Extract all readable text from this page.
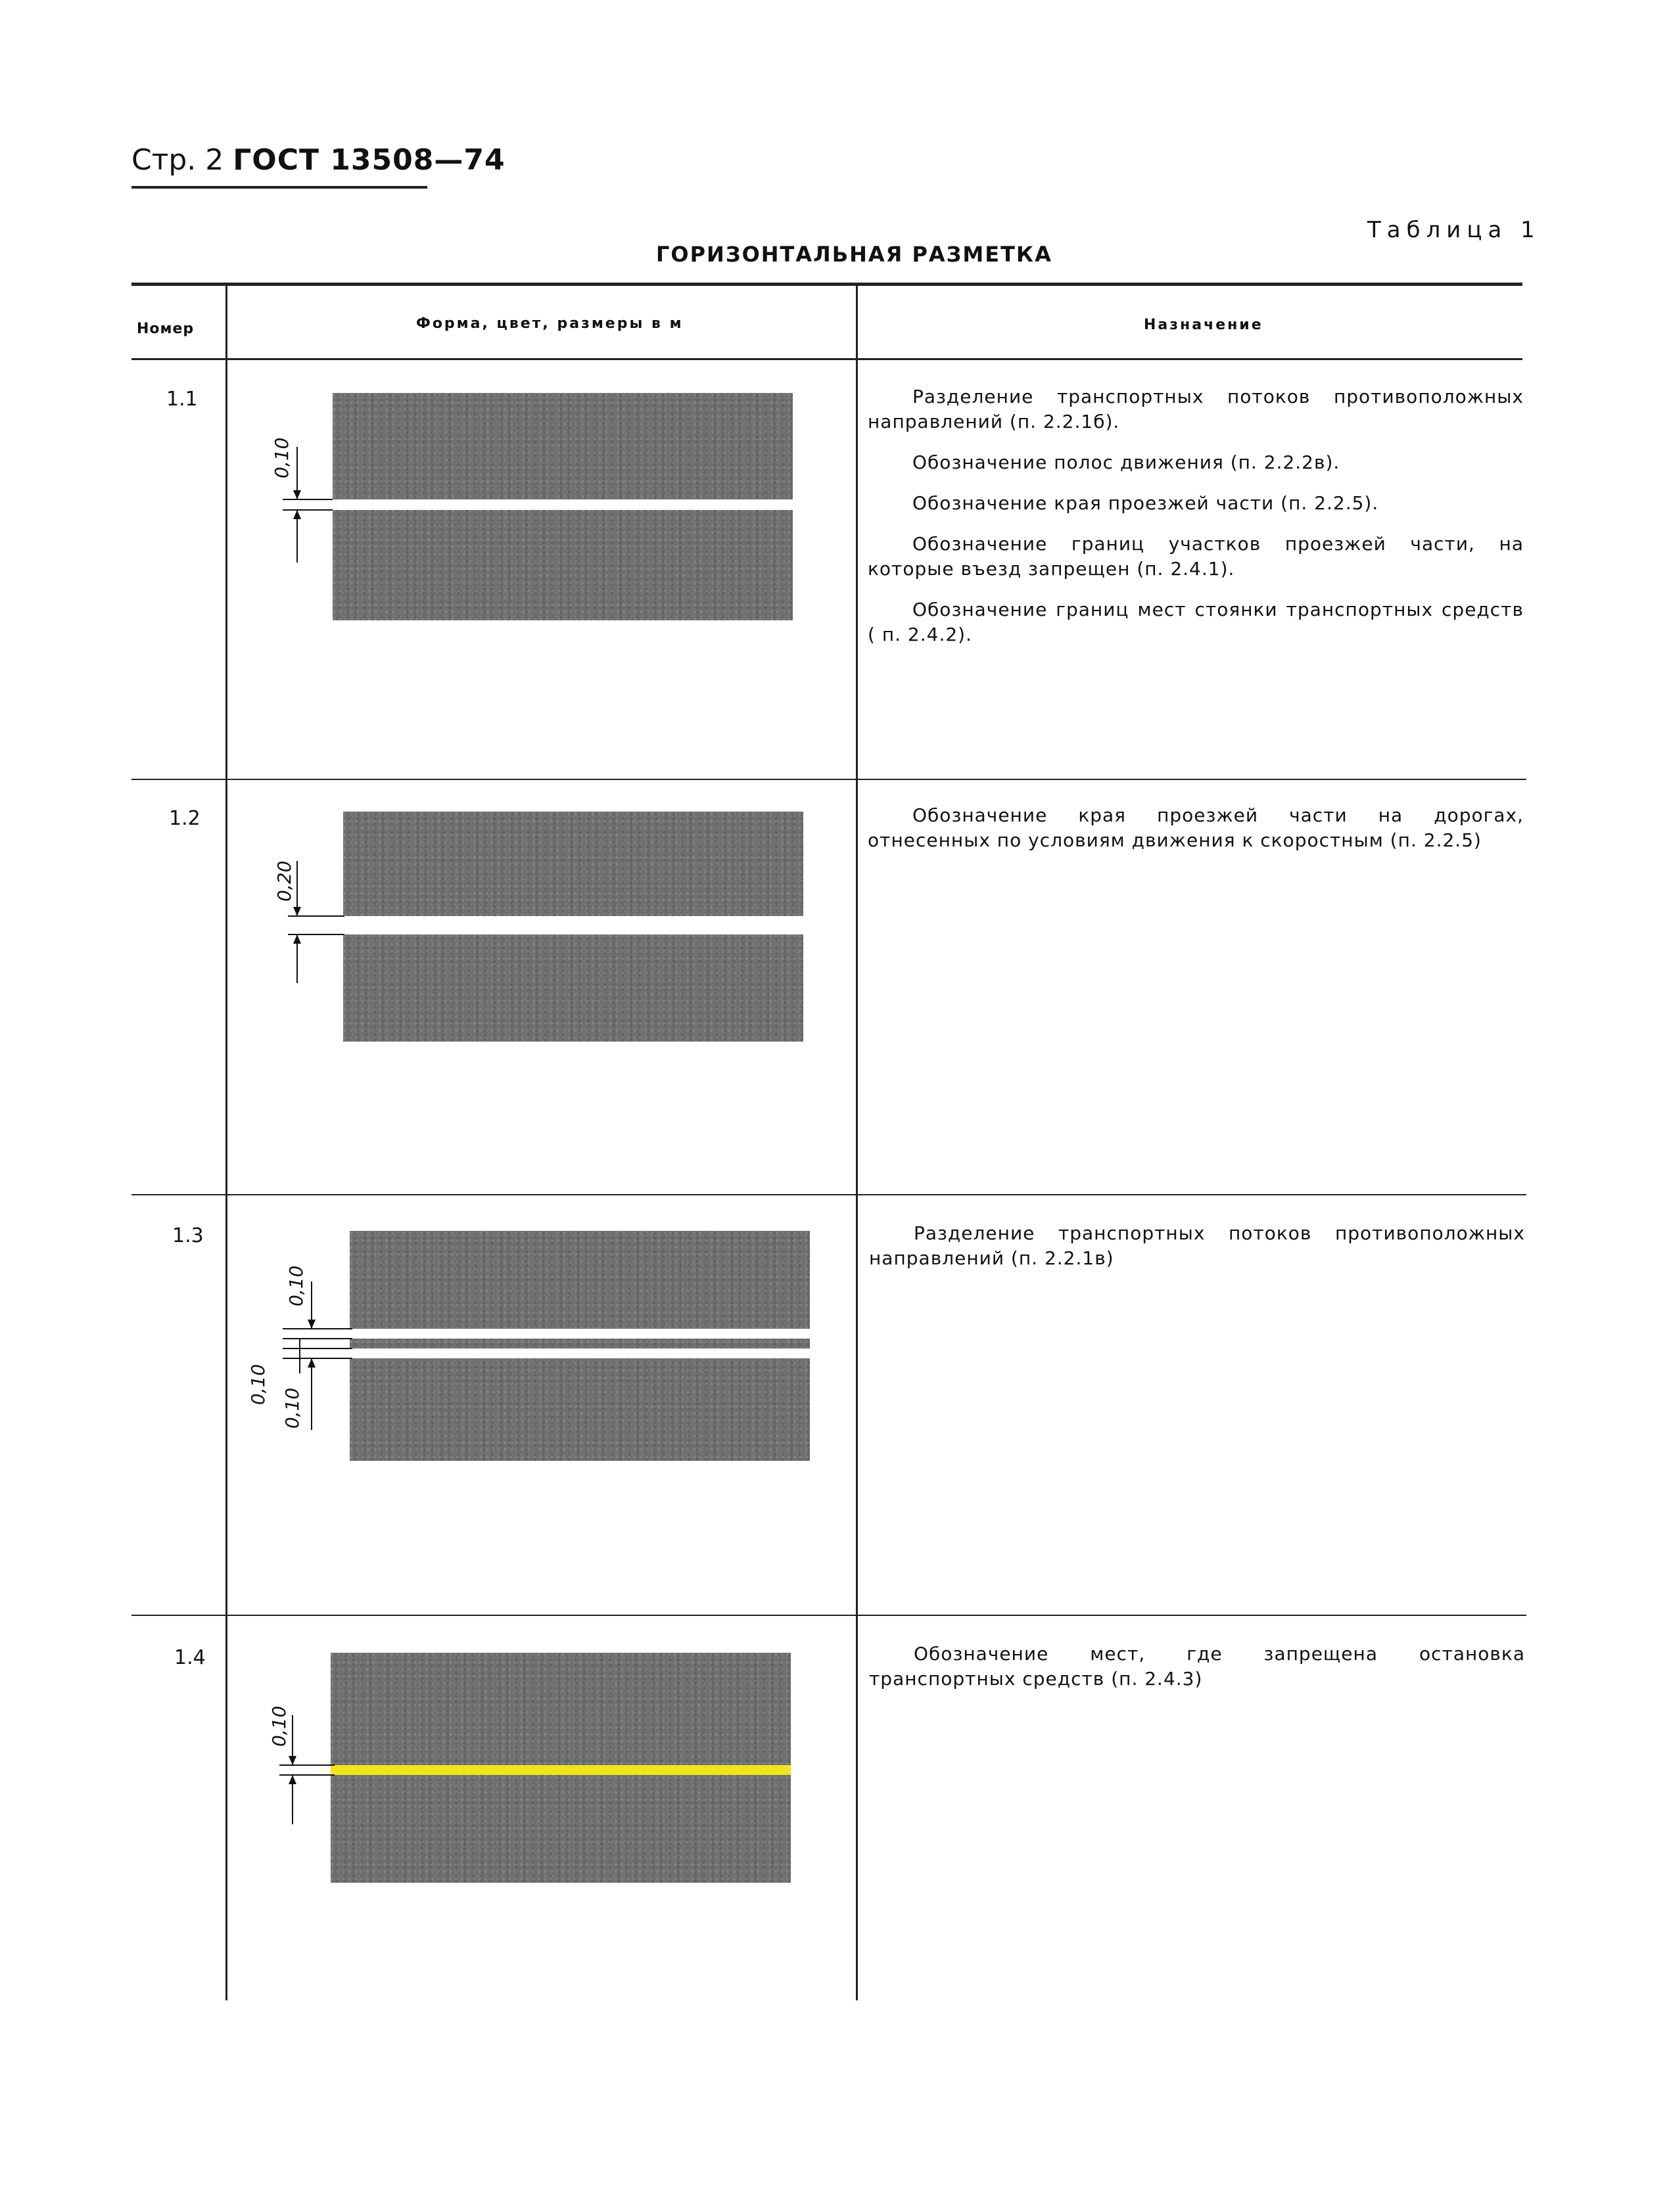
Стр. 2 ГОСТ 13508—74
Таблица 1
ГОРИЗОНТАЛЬНАЯ РАЗМЕТКА
Номер	Форма, цвет, размеры в м	Назначение
1.1
1.2
1.3
1.4
0,10
0,20
0,10
0,10
0,10
0,10

Разделение транспортных потоков противоположных направлений (п. 2.2.1б).

Обозначение полос движения (п. 2.2.2в).

Обозначение края проезжей части (п. 2.2.5).

Обозначение границ участков проезжей части, на которые въезд запрещен (п. 2.4.1).

Обозначение границ мест стоянки транспортных средств ( п. 2.4.2).

Обозначение края проезжей части на дорогах, отнесенных по условиям движения к скоростным (п. 2.2.5)

Разделение транспортных потоков противоположных направлений (п. 2.2.1в)

Обозначение мест, где запрещена остановка транспортных средств (п. 2.4.3)
